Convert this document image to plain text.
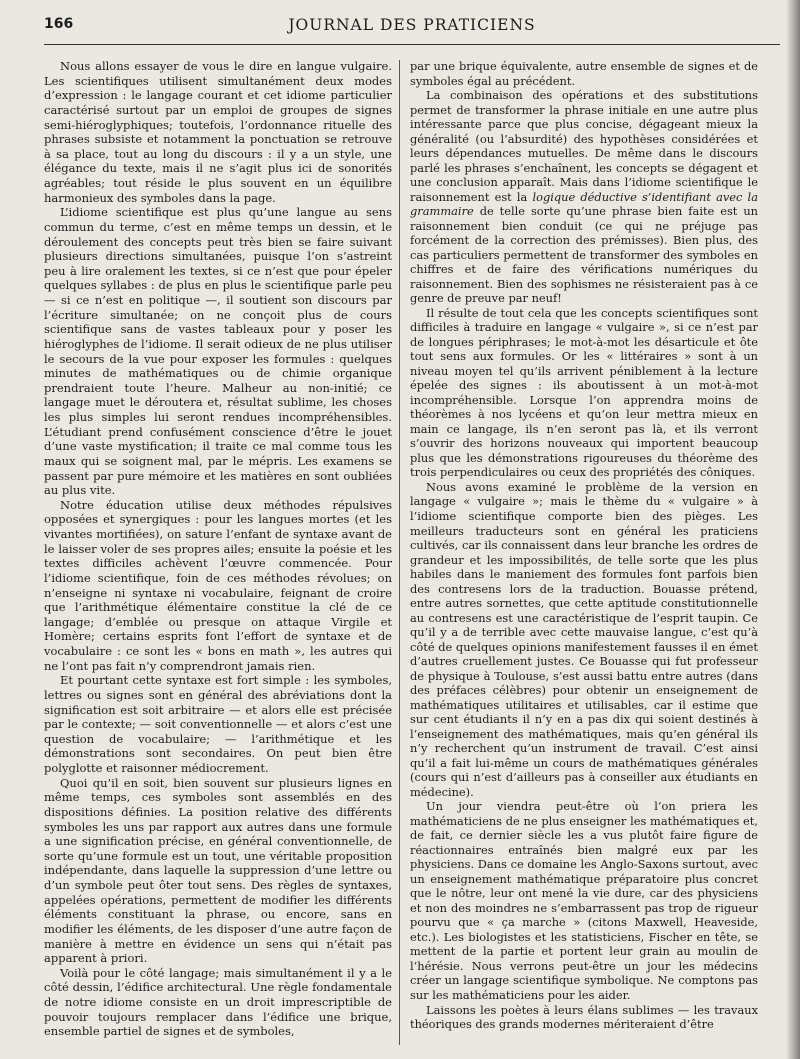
166	JOURNAL DES PRATICIENS

Nous allons essayer de vous le dire en langue vulgaire. Les scientifiques utilisent simultanément deux modes d’expression : le langage courant et cet idiome particulier caractérisé surtout par un emploi de groupes de signes semi-hiéroglyphiques; toutefois, l’ordonnance rituelle des phrases subsiste et notamment la ponctuation se retrouve à sa place, tout au long du discours : il y a un style, une élégance du texte, mais il ne s’agit plus ici de sonorités agréables; tout réside le plus souvent en un équilibre harmonieux des symboles dans la page.

L’idiome scientifique est plus qu’une langue au sens commun du terme, c’est en même temps un dessin, et le déroulement des concepts peut très bien se faire suivant plusieurs directions simultanées, puisque l’on s’astreint peu à lire oralement les textes, si ce n’est que pour épeler quelques syllabes : de plus en plus le scientifique parle peu — si ce n’est en politique —, il soutient son discours par l’écriture simultanée; on ne conçoit plus de cours scientifique sans de vastes tableaux pour y poser les hiéroglyphes de l’idiome. Il serait odieux de ne plus utiliser le secours de la vue pour exposer les formules : quelques minutes de mathématiques ou de chimie organique prendraient toute l’heure. Malheur au non-initié; ce langage muet le déroutera et, résultat sublime, les choses les plus simples lui seront rendues incompréhensibles. L’étudiant prend confusément conscience d’être le jouet d’une vaste mystification; il traite ce mal comme tous les maux qui se soignent mal, par le mépris. Les examens se passent par pure mémoire et les matières en sont oubliées au plus vite.

Notre éducation utilise deux méthodes répulsives opposées et synergiques : pour les langues mortes (et les vivantes mortifiées), on sature l’enfant de syntaxe avant de le laisser voler de ses propres ailes; ensuite la poésie et les textes difficiles achèvent l’œuvre commencée. Pour l’idiome scientifique, foin de ces méthodes révolues; on n’enseigne ni syntaxe ni vocabulaire, feignant de croire que l’arithmétique élémentaire constitue la clé de ce langage; d’emblée ou presque on attaque Virgile et Homère; certains esprits font l’effort de syntaxe et de vocabulaire : ce sont les « bons en math », les autres qui ne l’ont pas fait n’y comprendront jamais rien.

Et pourtant cette syntaxe est fort simple : les symboles, lettres ou signes sont en général des abréviations dont la signification est soit arbitraire — et alors elle est précisée par le contexte; — soit conventionnelle — et alors c’est une question de vocabulaire; — l’arithmétique et les démonstrations sont secondaires. On peut bien être polyglotte et raisonner médiocrement.

Quoi qu’il en soit, bien souvent sur plusieurs lignes en même temps, ces symboles sont assemblés en des dispositions définies. La position relative des différents symboles les uns par rapport aux autres dans une formule a une signification précise, en général conventionnelle, de sorte qu’une formule est un tout, une véritable proposition indépendante, dans laquelle la suppression d’une lettre ou d’un symbole peut ôter tout sens. Des règles de syntaxes, appelées opérations, permettent de modifier les différents éléments constituant la phrase, ou encore, sans en modifier les éléments, de les disposer d’une autre façon de manière à mettre en évidence un sens qui n’était pas apparent à priori.

Voilà pour le côté langage; mais simultanément il y a le côté dessin, l’édifice architectural. Une règle fondamentale de notre idiome consiste en un droit imprescriptible de pouvoir toujours remplacer dans l’édifice une brique, ensemble partiel de signes et de symboles,

par une brique équivalente, autre ensemble de signes et de symboles égal au précédent.

La combinaison des opérations et des substitutions permet de transformer la phrase initiale en une autre plus intéressante parce que plus concise, dégageant mieux la généralité (ou l’absurdité) des hypothèses considérées et leurs dépendances mutuelles. De même dans le discours parlé les phrases s’enchaînent, les concepts se dégagent et une conclusion apparaît. Mais dans l’idiome scientifique le raisonnement est la logique déductive s’identifiant avec la grammaire de telle sorte qu’une phrase bien faite est un raisonnement bien conduit (ce qui ne préjuge pas forcément de la correction des prémisses). Bien plus, des cas particuliers permettent de transformer des symboles en chiffres et de faire des vérifications numériques du raisonnement. Bien des sophismes ne résisteraient pas à ce genre de preuve par neuf!

Il résulte de tout cela que les concepts scientifiques sont difficiles à traduire en langage « vulgaire », si ce n’est par de longues périphrases; le mot-à-mot les désarticule et ôte tout sens aux formules. Or les « littéraires » sont à un niveau moyen tel qu’ils arrivent péniblement à la lecture épelée des signes : ils aboutissent à un mot-à-mot incompréhensible. Lorsque l’on apprendra moins de théorèmes à nos lycéens et qu’on leur mettra mieux en main ce langage, ils n’en seront pas là, et ils verront s’ouvrir des horizons nouveaux qui importent beaucoup plus que les démonstrations rigoureuses du théorème des trois perpendiculaires ou ceux des propriétés des côniques.

Nous avons examiné le problème de la version en langage « vulgaire »; mais le thème du « vulgaire » à l’idiome scientifique comporte bien des pièges. Les meilleurs traducteurs sont en général les praticiens cultivés, car ils connaissent dans leur branche les ordres de grandeur et les impossibilités, de telle sorte que les plus habiles dans le maniement des formules font parfois bien des contresens lors de la traduction. Bouasse prétend, entre autres sornettes, que cette aptitude constitutionnelle au contresens est une caractéristique de l’esprit taupin. Ce qu’il y a de terrible avec cette mauvaise langue, c’est qu’à côté de quelques opinions manifestement fausses il en émet d’autres cruellement justes. Ce Bouasse qui fut professeur de physique à Toulouse, s’est aussi battu entre autres (dans des préfaces célèbres) pour obtenir un enseignement de mathématiques utilitaires et utilisables, car il estime que sur cent étudiants il n’y en a pas dix qui soient destinés à l’enseignement des mathématiques, mais qu’en général ils n’y recherchent qu’un instrument de travail. C’est ainsi qu’il a fait lui-même un cours de mathématiques générales (cours qui n’est d’ailleurs pas à conseiller aux étudiants en médecine).

Un jour viendra peut-être où l’on priera les mathématiciens de ne plus enseigner les mathématiques et, de fait, ce dernier siècle les a vus plutôt faire figure de réactionnaires entraînés bien malgré eux par les physiciens. Dans ce domaine les Anglo-Saxons surtout, avec un enseignement mathématique préparatoire plus concret que le nôtre, leur ont mené la vie dure, car des physiciens et non des moindres ne s’embarrassent pas trop de rigueur pourvu que « ça marche » (citons Maxwell, Heaveside, etc.). Les biologistes et les statisticiens, Fischer en tête, se mettent de la partie et portent leur grain au moulin de l’hérésie. Nous verrons peut-être un jour les médecins créer un langage scientifique symbolique. Ne comptons pas sur les mathématiciens pour les aider.

Laissons les poètes à leurs élans sublimes — les travaux théoriques des grands modernes mériteraient d’être
